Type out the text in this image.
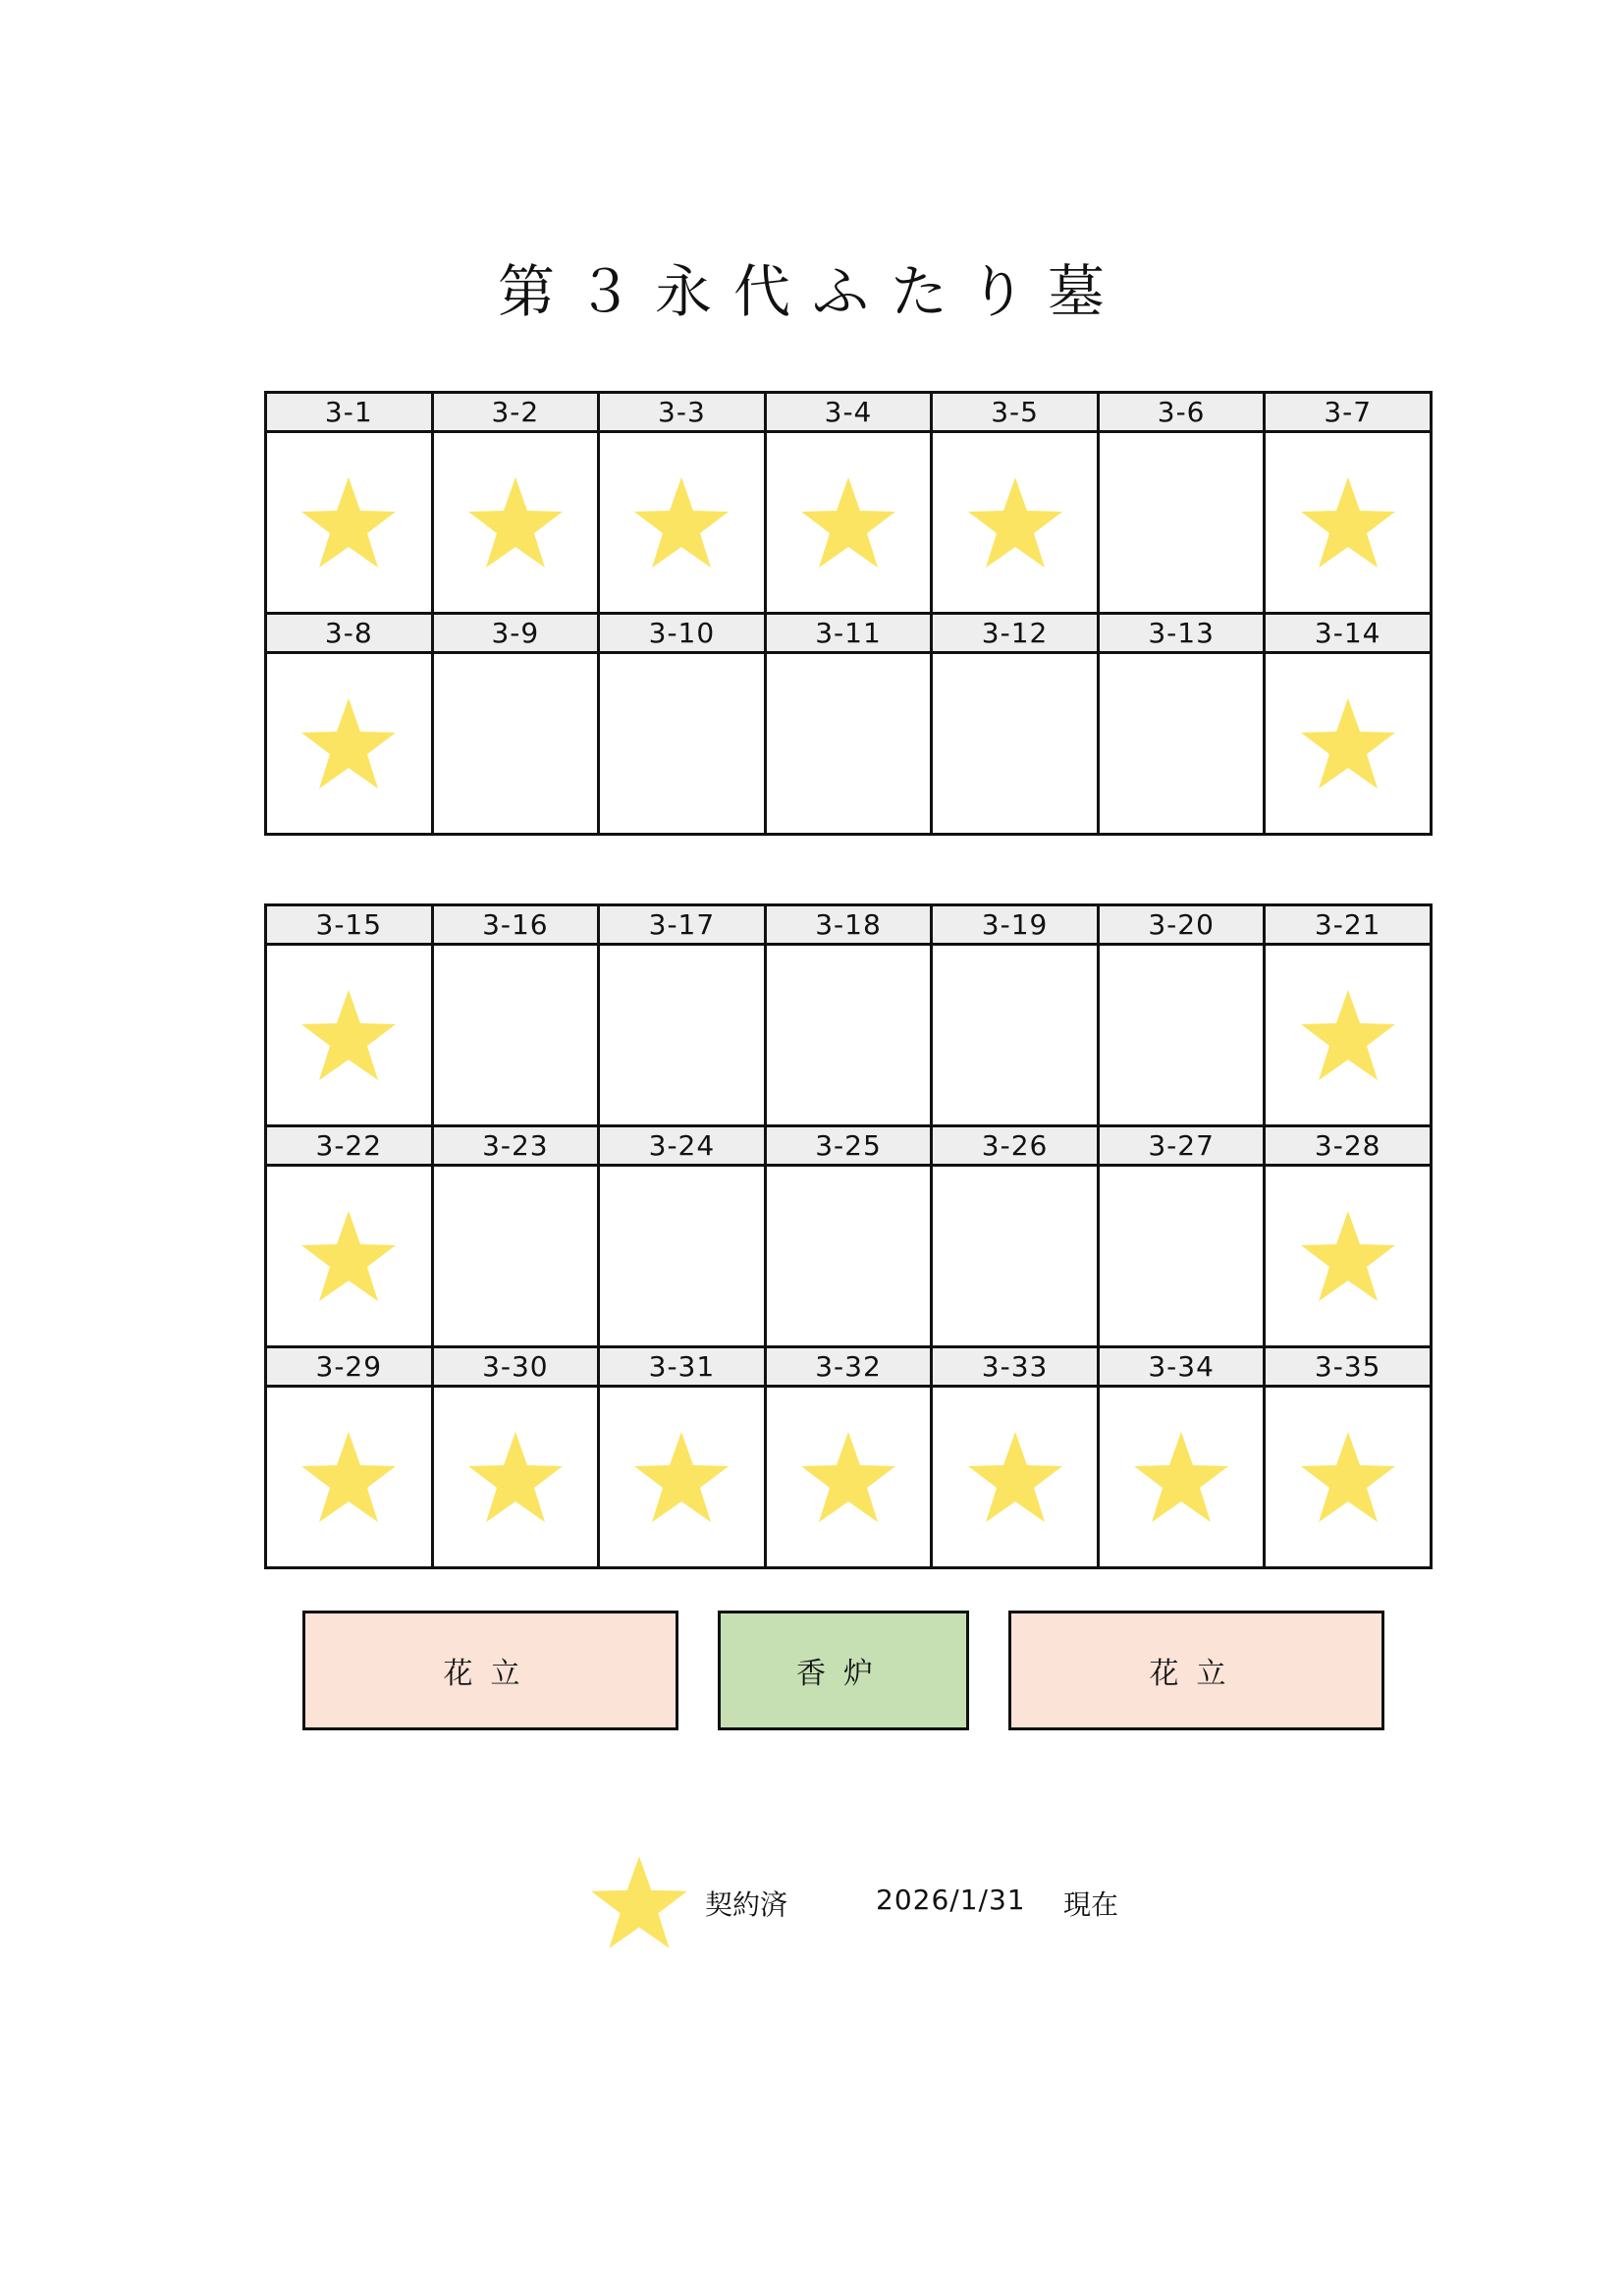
第３永代ふたり墓
3-1	3-2	3-3	3-4	3-5	3-6	3-7
3-8	3-9	3-10	3-11	3-12	3-13	3-14
3-15	3-16	3-17	3-18	3-19	3-20	3-21
3-22	3-23	3-24	3-25	3-26	3-27	3-28
3-29	3-30	3-31	3-32	3-33	3-34	3-35
花立	香炉	花立
契約済	2026/1/31 現在
